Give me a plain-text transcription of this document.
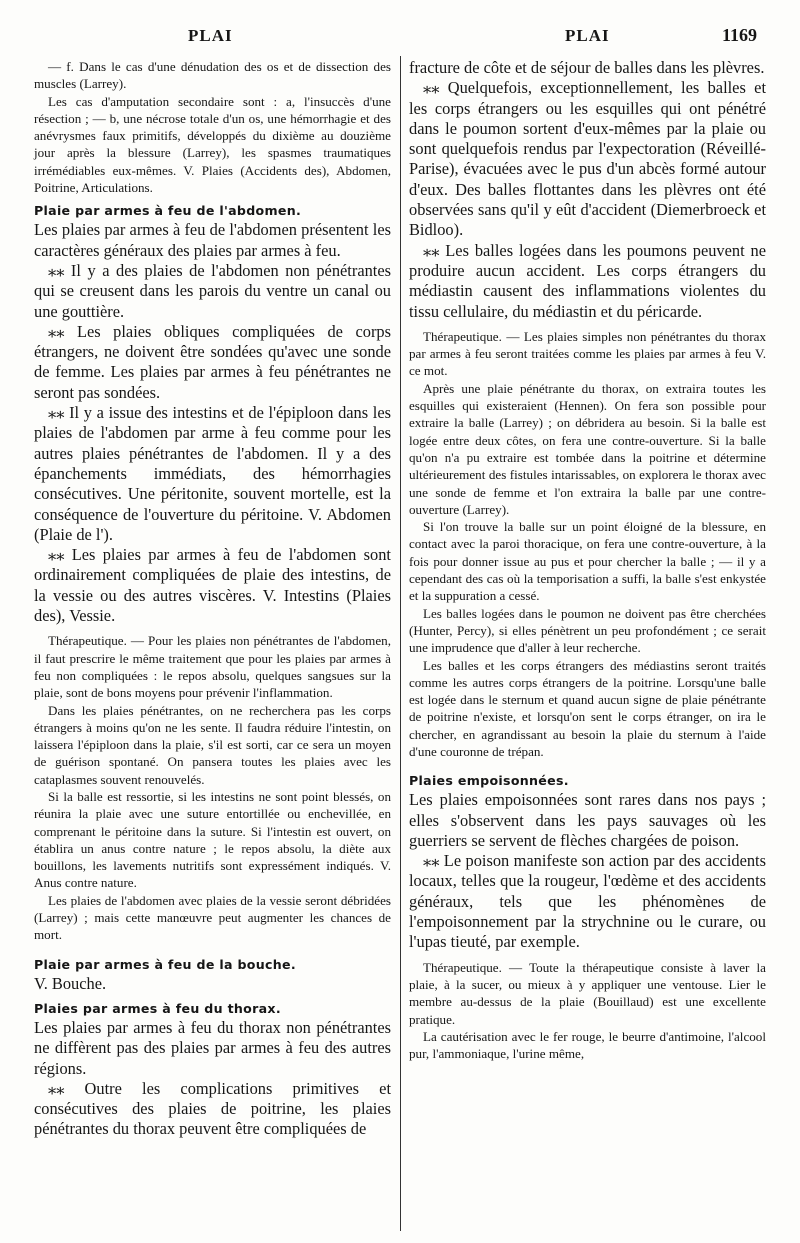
PLAI	PLAI	1169

— f. Dans le cas d'une dénudation des os et de dissection des muscles (Larrey).

Les cas d'amputation secondaire sont : a, l'insuccès d'une résection ; — b, une nécrose totale d'un os, une hémorrhagie et des anévrysmes faux primitifs, développés du dixième au douzième jour après la blessure (Larrey), les spasmes traumatiques irrémédiables eux-mêmes. V. Plaies (Accidents des), Abdomen, Poitrine, Articulations.

Plaie par armes à feu de l'abdomen.

Les plaies par armes à feu de l'abdomen présentent les caractères généraux des plaies par armes à feu.

⁎⁎ Il y a des plaies de l'abdomen non pénétrantes qui se creusent dans les parois du ventre un canal ou une gouttière.

⁎⁎ Les plaies obliques compliquées de corps étrangers, ne doivent être sondées qu'avec une sonde de femme. Les plaies par armes à feu pénétrantes ne seront pas sondées.

⁎⁎ Il y a issue des intestins et de l'épiploon dans les plaies de l'abdomen par arme à feu comme pour les autres plaies pénétrantes de l'abdomen. Il y a des épanchements immédiats, des hémorrhagies consécutives. Une péritonite, souvent mortelle, est la conséquence de l'ouverture du péritoine. V. Abdomen (Plaie de l').

⁎⁎ Les plaies par armes à feu de l'abdomen sont ordinairement compliquées de plaie des intestins, de la vessie ou des autres viscères. V. Intestins (Plaies des), Vessie.

Thérapeutique. — Pour les plaies non pénétrantes de l'abdomen, il faut prescrire le même traitement que pour les plaies par armes à feu non compliquées : le repos absolu, quelques sangsues sur la plaie, sont de bons moyens pour prévenir l'inflammation.

Dans les plaies pénétrantes, on ne recherchera pas les corps étrangers à moins qu'on ne les sente. Il faudra réduire l'intestin, on laissera l'épiploon dans la plaie, s'il est sorti, car ce sera un moyen de guérison spontané. On pansera toutes les plaies avec les cataplasmes souvent renouvelés.

Si la balle est ressortie, si les intestins ne sont point blessés, on réunira la plaie avec une suture entortillée ou enchevillée, en comprenant le péritoine dans la suture. Si l'intestin est ouvert, on établira un anus contre nature ; le repos absolu, la diète aux bouillons, les lavements nutritifs sont expressément indiqués. V. Anus contre nature.

Les plaies de l'abdomen avec plaies de la vessie seront débridées (Larrey) ; mais cette manœuvre peut augmenter les chances de mort.

Plaie par armes à feu de la bouche.

V. Bouche.

Plaies par armes à feu du thorax.

Les plaies par armes à feu du thorax non pénétrantes ne diffèrent pas des plaies par armes à feu des autres régions.

⁎⁎ Outre les complications primitives et consécutives des plaies de poitrine, les plaies pénétrantes du thorax peuvent être compliquées de

fracture de côte et de séjour de balles dans les plèvres.

⁎⁎ Quelquefois, exceptionnellement, les balles et les corps étrangers ou les esquilles qui ont pénétré dans le poumon sortent d'eux-mêmes par la plaie ou sont quelquefois rendus par l'expectoration (Réveillé-Parise), évacuées avec le pus d'un abcès formé autour d'eux. Des balles flottantes dans les plèvres ont été observées sans qu'il y eût d'accident (Diemerbroeck et Bidloo).

⁎⁎ Les balles logées dans les poumons peuvent ne produire aucun accident. Les corps étrangers du médiastin causent des inflammations violentes du tissu cellulaire, du médiastin et du péricarde.

Thérapeutique. — Les plaies simples non pénétrantes du thorax par armes à feu seront traitées comme les plaies par armes à feu V. ce mot.

Après une plaie pénétrante du thorax, on extraira toutes les esquilles qui existeraient (Hennen). On fera son possible pour extraire la balle (Larrey) ; on débridera au besoin. Si la balle est logée entre deux côtes, on fera une contre-ouverture. Si la balle qu'on n'a pu extraire est tombée dans la poitrine et détermine ultérieurement des fistules intarissables, on explorera le thorax avec une sonde de femme et l'on extraira la balle par une contre-ouverture (Larrey).

Si l'on trouve la balle sur un point éloigné de la blessure, en contact avec la paroi thoracique, on fera une contre-ouverture, à la fois pour donner issue au pus et pour chercher la balle ; — il y a cependant des cas où la temporisation a suffi, la balle s'est enkystée et la suppuration a cessé.

Les balles logées dans le poumon ne doivent pas être cherchées (Hunter, Percy), si elles pénètrent un peu profondément ; ce serait une imprudence que d'aller à leur recherche.

Les balles et les corps étrangers des médiastins seront traités comme les autres corps étrangers de la poitrine. Lorsqu'une balle est logée dans le sternum et quand aucun signe de plaie pénétrante de poitrine n'existe, et lorsqu'on sent le corps étranger, on ira le chercher, en agrandissant au besoin la plaie du sternum à l'aide d'une couronne de trépan.

Plaies empoisonnées.

Les plaies empoisonnées sont rares dans nos pays ; elles s'observent dans les pays sauvages où les guerriers se servent de flèches chargées de poison.

⁎⁎ Le poison manifeste son action par des accidents locaux, telles que la rougeur, l'œdème et des accidents généraux, tels que les phénomènes de l'empoisonnement par la strychnine ou le curare, ou l'upas tieuté, par exemple.

Thérapeutique. — Toute la thérapeutique consiste à laver la plaie, à la sucer, ou mieux à y appliquer une ventouse. Lier le membre au-dessus de la plaie (Bouillaud) est une excellente pratique.

La cautérisation avec le fer rouge, le beurre d'antimoine, l'alcool pur, l'ammoniaque, l'urine même,
